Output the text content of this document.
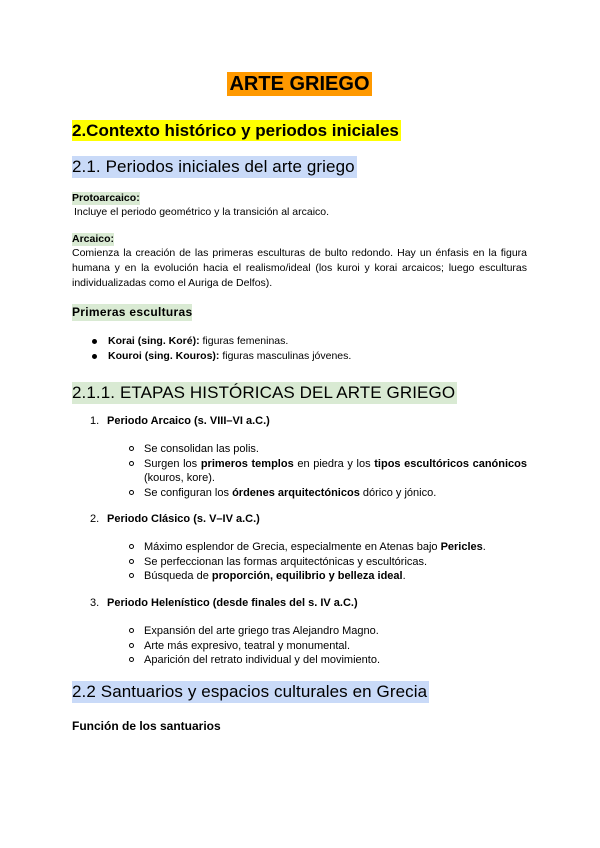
ARTE GRIEGO
2.Contexto histórico y periodos iniciales
2.1. Periodos iniciales del arte griego
Protoarcaico:
Incluye el periodo geométrico y la transición al arcaico.
Arcaico:
Comienza la creación de las primeras esculturas de bulto redondo. Hay un énfasis en la figura humana y en la evolución hacia el realismo/ideal (los kuroi y korai arcaicos; luego esculturas individualizadas como el Auriga de Delfos).
Primeras esculturas
Korai (sing. Koré): figuras femeninas.
Kouroi (sing. Kouros): figuras masculinas jóvenes.
2.1.1. ETAPAS HISTÓRICAS DEL ARTE GRIEGO
1. Periodo Arcaico (s. VIII–VI a.C.)
Se consolidan las polis.
Surgen los primeros templos en piedra y los tipos escultóricos canónicos (kouros, kore).
Se configuran los órdenes arquitectónicos dórico y jónico.
2. Periodo Clásico (s. V–IV a.C.)
Máximo esplendor de Grecia, especialmente en Atenas bajo Pericles.
Se perfeccionan las formas arquitectónicas y escultóricas.
Búsqueda de proporción, equilibrio y belleza ideal.
3. Periodo Helenístico (desde finales del s. IV a.C.)
Expansión del arte griego tras Alejandro Magno.
Arte más expresivo, teatral y monumental.
Aparición del retrato individual y del movimiento.
2.2 Santuarios y espacios culturales en Grecia
Función de los santuarios
